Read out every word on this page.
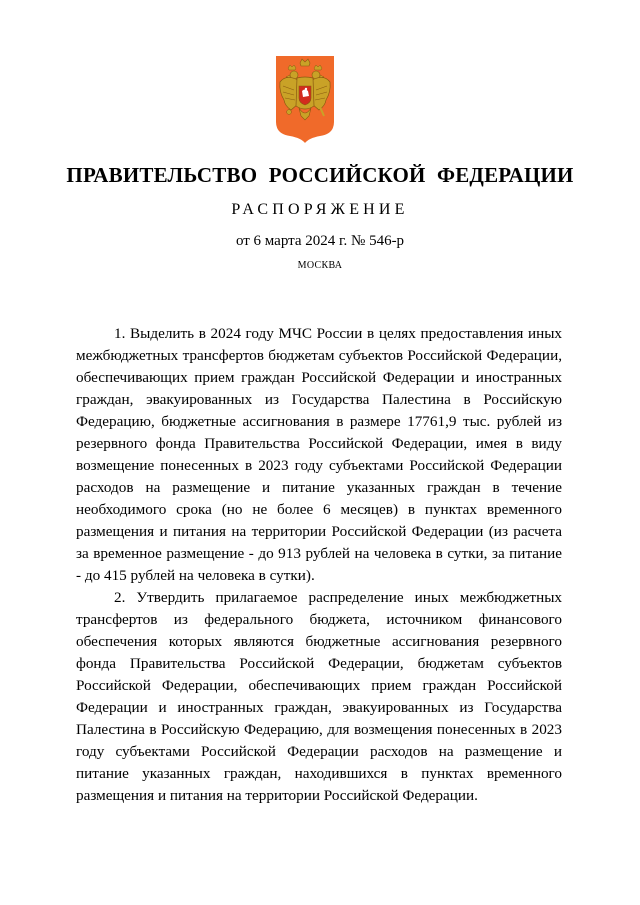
ПРАВИТЕЛЬСТВО РОССИЙСКОЙ ФЕДЕРАЦИИ
РАСПОРЯЖЕНИЕ
от 6 марта 2024 г. № 546-р
МОСКВА

1. Выделить в 2024 году МЧС России в целях предоставления иных межбюджетных трансфертов бюджетам субъектов Российской Федерации, обеспечивающих прием граждан Российской Федерации и иностранных граждан, эвакуированных из Государства Палестина в Российскую Федерацию, бюджетные ассигнования в размере 17761,9 тыс. рублей из резервного фонда Правительства Российской Федерации, имея в виду возмещение понесенных в 2023 году субъектами Российской Федерации расходов на размещение и питание указанных граждан в течение необходимого срока (но не более 6 месяцев) в пунктах временного размещения и питания на территории Российской Федерации (из расчета за временное размещение - до 913 рублей на человека в сутки, за питание - до 415 рублей на человека в сутки).

2. Утвердить прилагаемое распределение иных межбюджетных трансфертов из федерального бюджета, источником финансового обеспечения которых являются бюджетные ассигнования резервного фонда Правительства Российской Федерации, бюджетам субъектов Российской Федерации, обеспечивающих прием граждан Российской Федерации и иностранных граждан, эвакуированных из Государства Палестина в Российскую Федерацию, для возмещения понесенных в 2023 году субъектами Российской Федерации расходов на размещение и питание указанных граждан, находившихся в пунктах временного размещения и питания на территории Российской Федерации.
